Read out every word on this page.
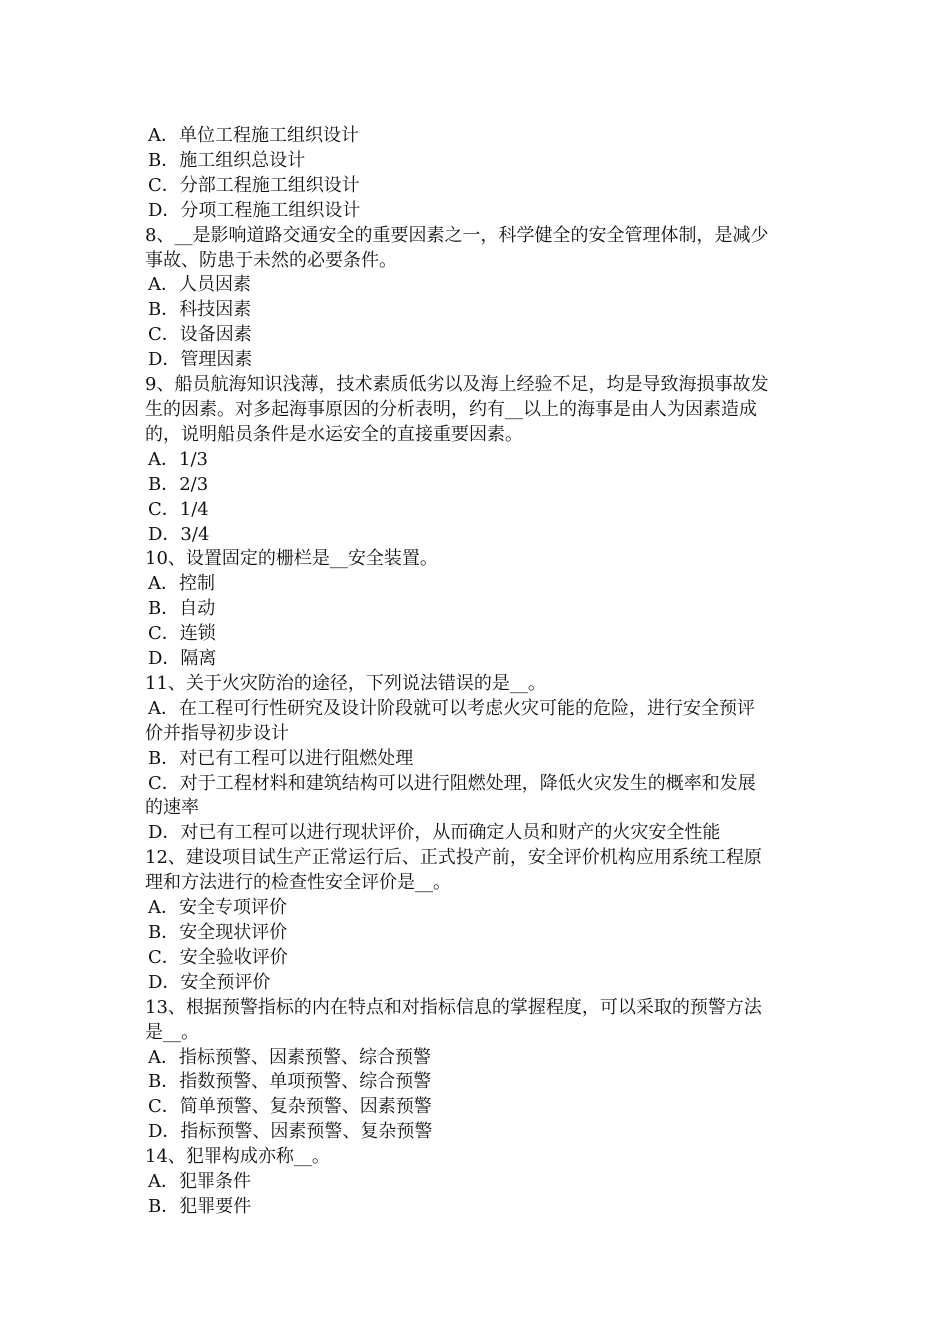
A．单位工程施工组织设计

B．施工组织总设计

C．分部工程施工组织设计

D．分项工程施工组织设计

8、__是影响道路交通安全的重要因素之一，科学健全的安全管理体制，是减少

事故、防患于未然的必要条件。

A．人员因素

B．科技因素

C．设备因素

D．管理因素

9、船员航海知识浅薄，技术素质低劣以及海上经验不足，均是导致海损事故发

生的因素。对多起海事原因的分析表明，约有__以上的海事是由人为因素造成

的，说明船员条件是水运安全的直接重要因素。

A．1/3

B．2/3

C．1/4

D．3/4

10、设置固定的栅栏是__安全装置。

A．控制

B．自动

C．连锁

D．隔离

11、关于火灾防治的途径，下列说法错误的是__。

A．在工程可行性研究及设计阶段就可以考虑火灾可能的危险，进行安全预评

价并指导初步设计

B．对已有工程可以进行阻燃处理

C．对于工程材料和建筑结构可以进行阻燃处理，降低火灾发生的概率和发展

的速率

D．对已有工程可以进行现状评价，从而确定人员和财产的火灾安全性能

12、建设项目试生产正常运行后、正式投产前，安全评价机构应用系统工程原

理和方法进行的检查性安全评价是__。

A．安全专项评价

B．安全现状评价

C．安全验收评价

D．安全预评价

13、根据预警指标的内在特点和对指标信息的掌握程度，可以采取的预警方法

是__。

A．指标预警、因素预警、综合预警

B．指数预警、单项预警、综合预警

C．简单预警、复杂预警、因素预警

D．指标预警、因素预警、复杂预警

14、犯罪构成亦称__。

A．犯罪条件

B．犯罪要件
